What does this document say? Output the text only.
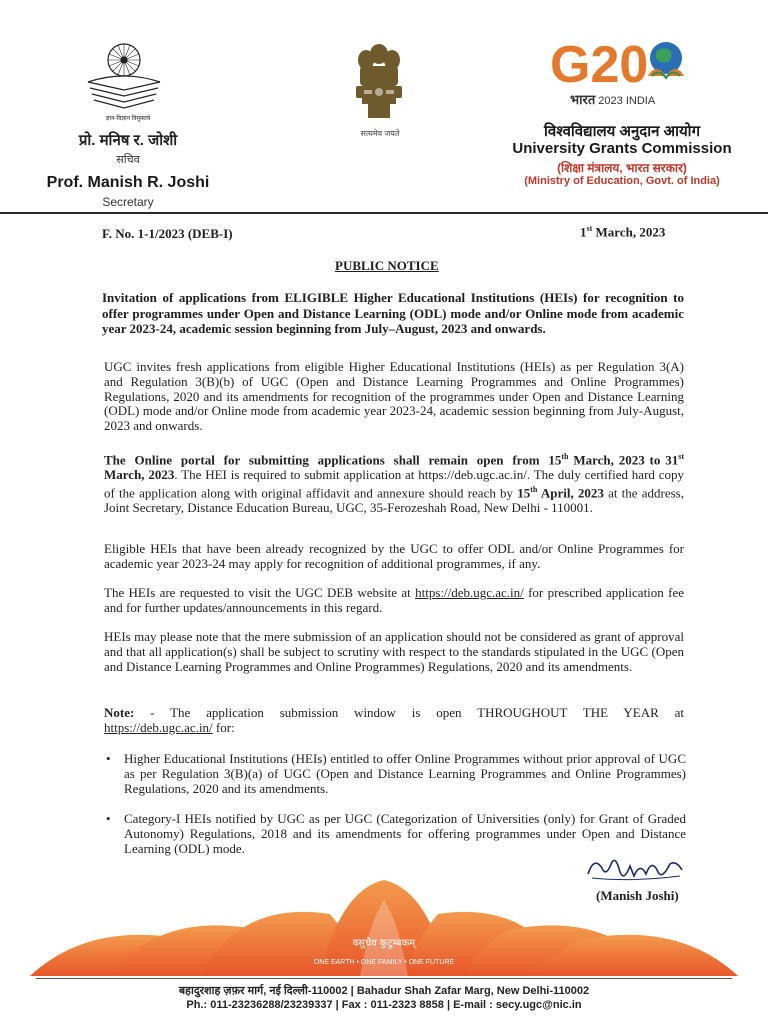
ज्ञान-विज्ञान विमुक्तये
प्रो. मनिष र. जोशी
सचिव
Prof. Manish R. Joshi
Secretary
सत्यमेव जयते
G20
भारत 2023 INDIA
विश्वविद्यालय अनुदान आयोग
University Grants Commission
(शिक्षा मंत्रालय, भारत सरकार)
(Ministry of Education, Govt. of India)
F. No. 1-1/2023 (DEB-I)	1st March, 2023
PUBLIC NOTICE
Invitation of applications from ELIGIBLE Higher Educational Institutions (HEIs) for recognition to offer programmes under Open and Distance Learning (ODL) mode and/or Online mode from academic year 2023-24, academic session beginning from July–August, 2023 and onwards.
UGC invites fresh applications from eligible Higher Educational Institutions (HEIs) as per Regulation 3(A) and Regulation 3(B)(b) of UGC (Open and Distance Learning Programmes and Online Programmes) Regulations, 2020 and its amendments for recognition of the programmes under Open and Distance Learning (ODL) mode and/or Online mode from academic year 2023-24, academic session beginning from July-August, 2023 and onwards.
The Online portal for submitting applications shall remain open from 15th March, 2023 to 31st March, 2023. The HEI is required to submit application at https://deb.ugc.ac.in/. The duly certified hard copy of the application along with original affidavit and annexure should reach by 15th April, 2023 at the address, Joint Secretary, Distance Education Bureau, UGC, 35-Ferozeshah Road, New Delhi - 110001.
Eligible HEIs that have been already recognized by the UGC to offer ODL and/or Online Programmes for academic year 2023-24 may apply for recognition of additional programmes, if any.
The HEIs are requested to visit the UGC DEB website at https://deb.ugc.ac.in/ for prescribed application fee and for further updates/announcements in this regard.
HEIs may please note that the mere submission of an application should not be considered as grant of approval and that all application(s) shall be subject to scrutiny with respect to the standards stipulated in the UGC (Open and Distance Learning Programmes and Online Programmes) Regulations, 2020 and its amendments.
Note: - The application submission window is open THROUGHOUT THE YEAR at https://deb.ugc.ac.in/ for:
• Higher Educational Institutions (HEIs) entitled to offer Online Programmes without prior approval of UGC as per Regulation 3(B)(a) of UGC (Open and Distance Learning Programmes and Online Programmes) Regulations, 2020 and its amendments.
• Category-I HEIs notified by UGC as per UGC (Categorization of Universities (only) for Grant of Graded Autonomy) Regulations, 2018 and its amendments for offering programmes under Open and Distance Learning (ODL) mode.
(Manish Joshi)
वसुधैव कुटुम्बकम्
ONE EARTH • ONE FAMILY • ONE FUTURE
बहादुरशाह ज़फ़र मार्ग, नई दिल्ली-110002 | Bahadur Shah Zafar Marg, New Delhi-110002
Ph.: 011-23236288/23239337 | Fax : 011-2323 8858 | E-mail : secy.ugc@nic.in
